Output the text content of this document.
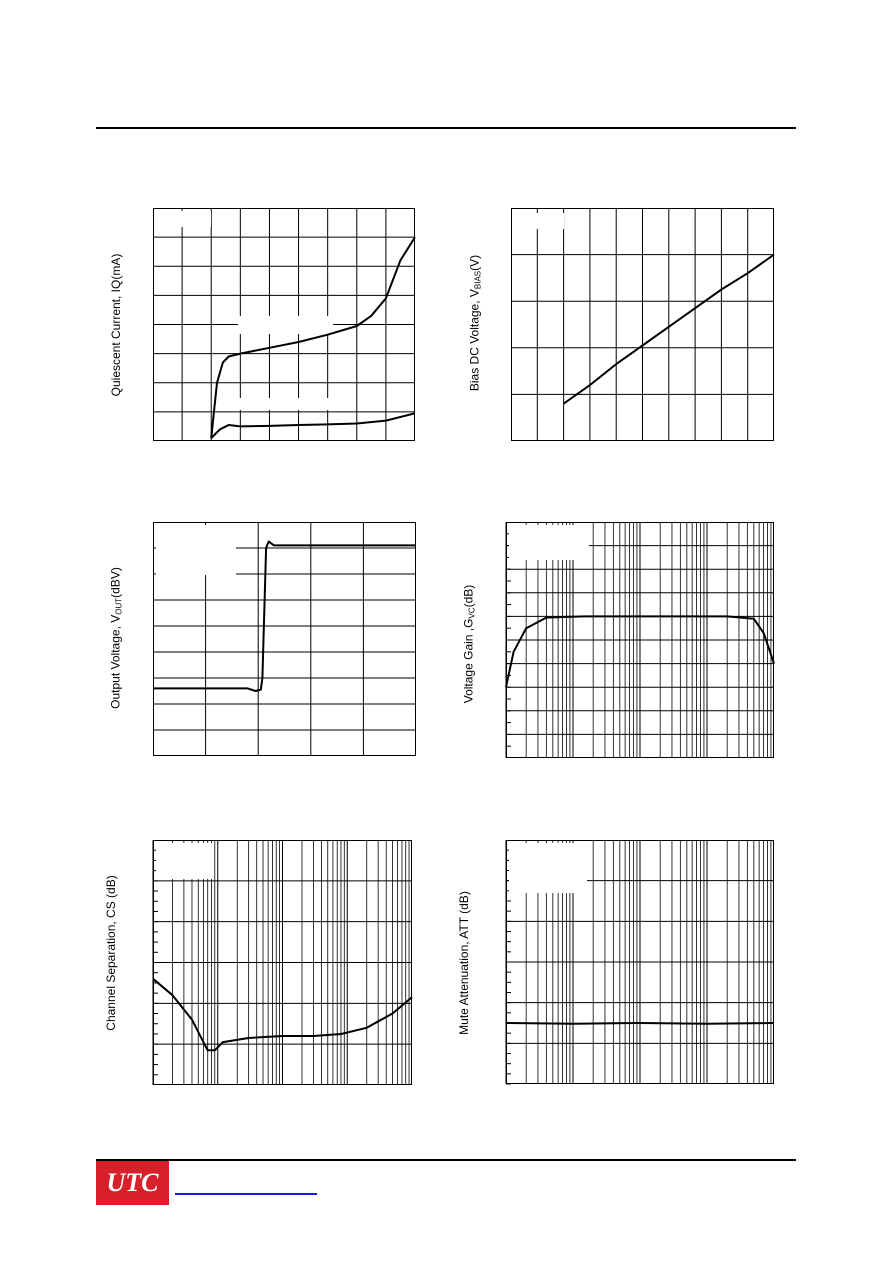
Quiescent Current, IQ(mA)	Bias DC Voltage, $V_{BIAS}(V)$
Output Voltage, $V_{OUT}(dBV)$
Voltage Gain $,G_{VC}(dB)$
Channel Separation, CS (dB)	Mute Attenuation, ATT (dB)
UTC
